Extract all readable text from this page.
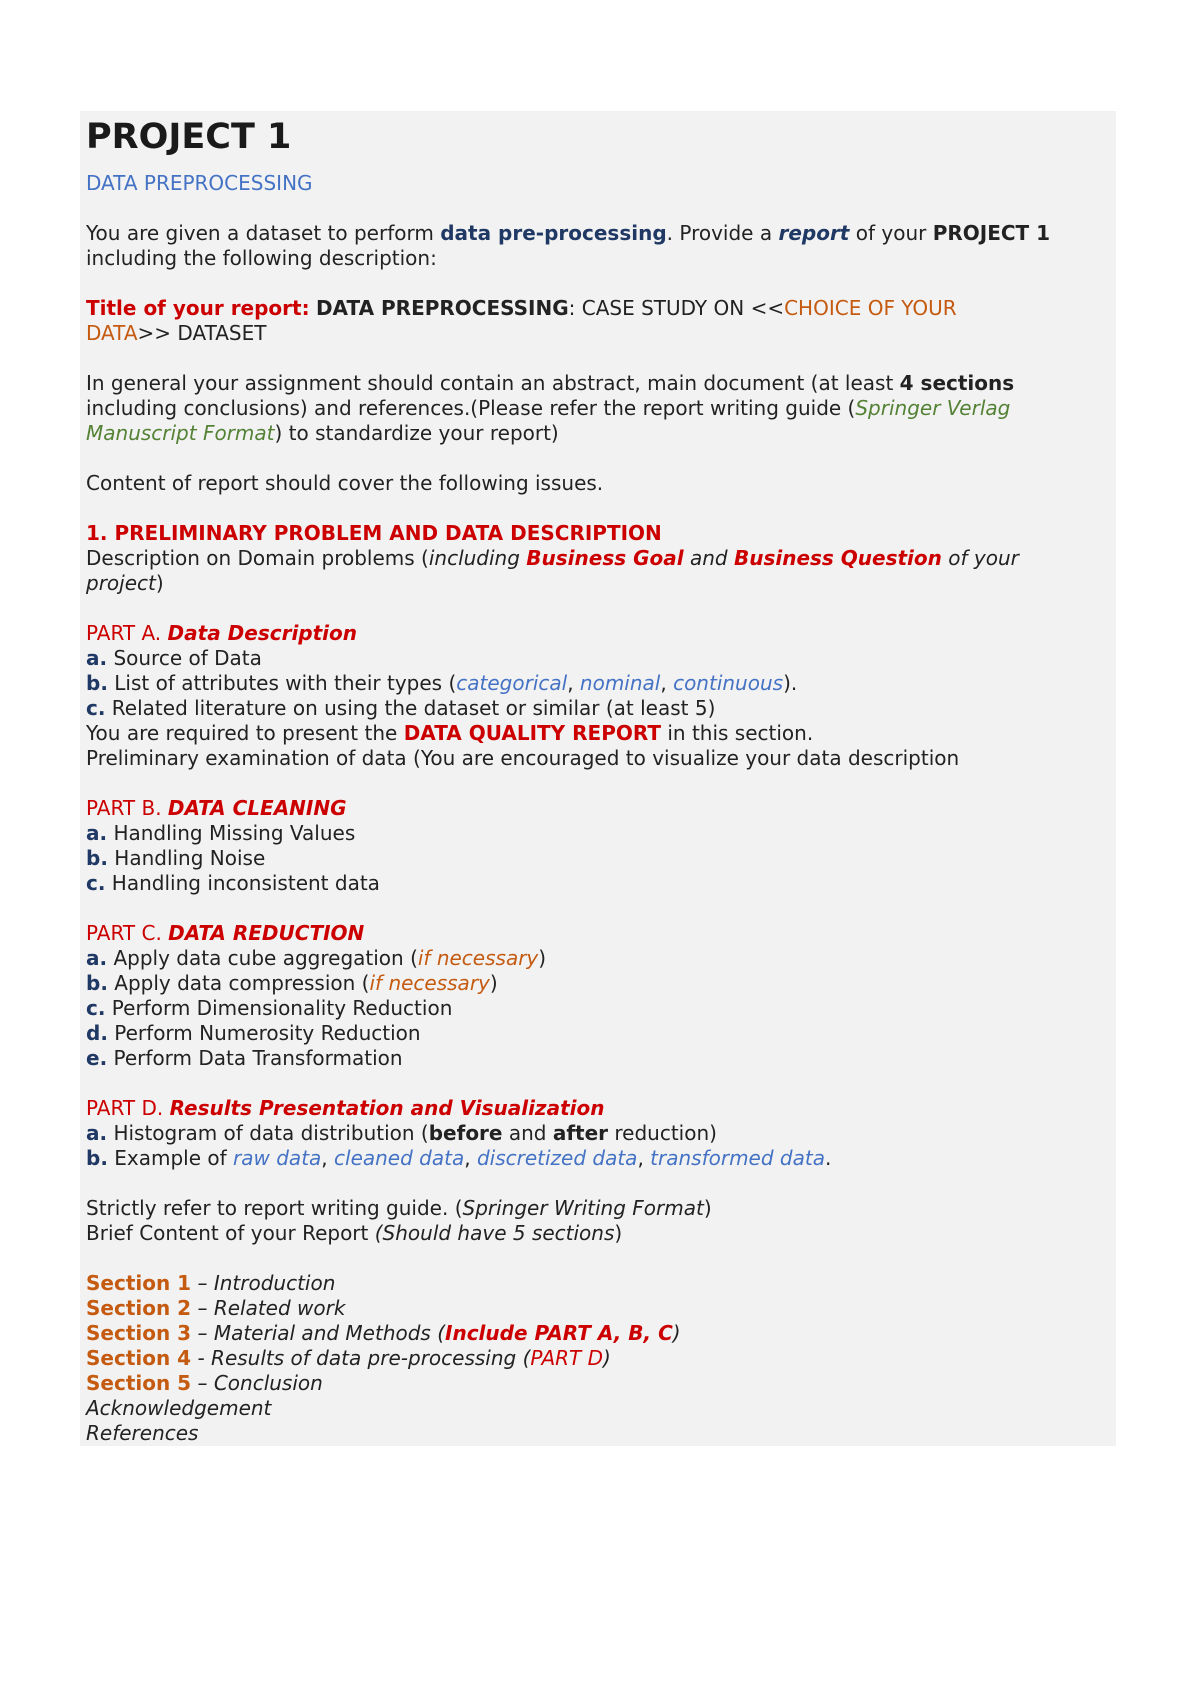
PROJECT 1

DATA PREPROCESSING

You are given a dataset to perform data pre-processing. Provide a report of your PROJECT 1 including the following description:

Title of your report: DATA PREPROCESSING: CASE STUDY ON <<CHOICE OF YOUR DATA>> DATASET

In general your assignment should contain an abstract, main document (at least 4 sections including conclusions) and references.(Please refer the report writing guide (Springer Verlag Manuscript Format) to standardize your report)

Content of report should cover the following issues.

1. PRELIMINARY PROBLEM AND DATA DESCRIPTION

Description on Domain problems (including Business Goal and Business Question of your project)

PART A. Data Description

a. Source of Data

b. List of attributes with their types (categorical, nominal, continuous).

c. Related literature on using the dataset or similar (at least 5)

You are required to present the DATA QUALITY REPORT in this section.

Preliminary examination of data (You are encouraged to visualize your data description

PART B. DATA CLEANING

a. Handling Missing Values

b. Handling Noise

c. Handling inconsistent data

PART C. DATA REDUCTION

a. Apply data cube aggregation (if necessary)

b. Apply data compression (if necessary)

c. Perform Dimensionality Reduction

d. Perform Numerosity Reduction

e. Perform Data Transformation

PART D. Results Presentation and Visualization

a. Histogram of data distribution (before and after reduction)

b. Example of raw data, cleaned data, discretized data, transformed data.

Strictly refer to report writing guide. (Springer Writing Format)

Brief Content of your Report (Should have 5 sections)

Section 1 – Introduction

Section 2 – Related work

Section 3 – Material and Methods (Include PART A, B, C)

Section 4 - Results of data pre-processing (PART D)

Section 5 – Conclusion

Acknowledgement

References
